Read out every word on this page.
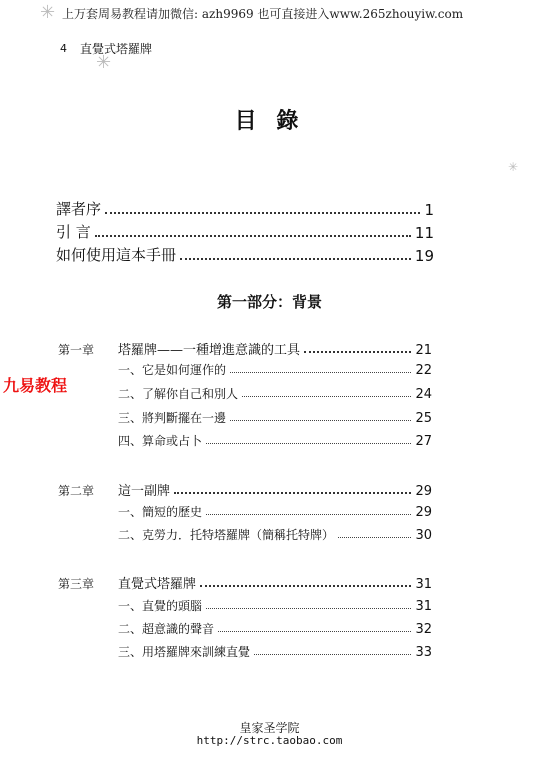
上万套周易教程请加微信: azh9969 也可直接进入www.265zhouyiw.com
✳
✳
✳
4 直覺式塔羅牌
目 錄
譯者序	1
引 言	11
如何使用這本手冊	19
第一部分：背景
九易教程
第一章 塔羅牌——一種增進意識的工具	21
一、它是如何運作的	22
二、了解你自己和別人	24
三、將判斷擺在一邊	25
四、算命或占卜	27
第二章 這一副牌	29
一、簡短的歷史	29
二、克勞力．托特塔羅牌（簡稱托特牌）	30
第三章 直覺式塔羅牌	31
一、直覺的頭腦	31
二、超意識的聲音	32
三、用塔羅牌來訓練直覺	33
皇家圣学院
http://strc.taobao.com
